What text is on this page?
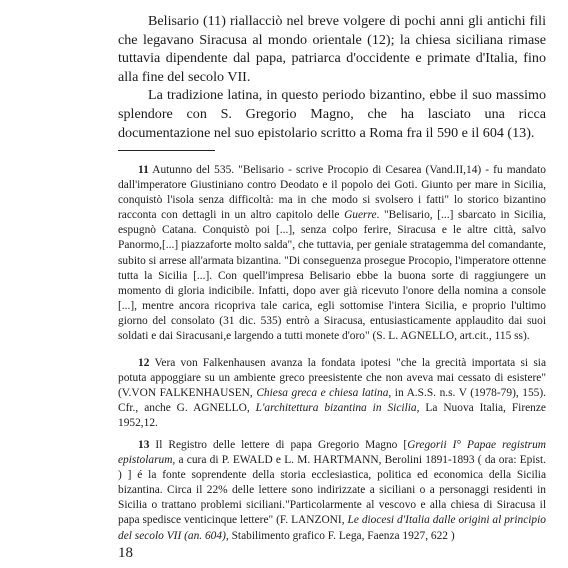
Belisario (11) riallacciò nel breve volgere di pochi anni gli antichi fili che legavano Siracusa al mondo orientale (12); la chiesa siciliana rimase tuttavia dipendente dal papa, patriarca d'occidente e primate d'Italia, fino alla fine del secolo VII.

La tradizione latina, in questo periodo bizantino, ebbe il suo massimo splendore con S. Gregorio Magno, che ha lasciato una ricca documentazione nel suo epistolario scritto a Roma fra il 590 e il 604 (13).

11 Autunno del 535. "Belisario - scrive Procopio di Cesarea (Vand.II,14) - fu mandato dall'imperatore Giustiniano contro Deodato e il popolo dei Goti. Giunto per mare in Sicilia, conquistò l'isola senza difficoltà: ma in che modo si svolsero i fatti" lo storico bizantino racconta con dettagli in un altro capitolo delle Guerre. "Belisario, [...] sbarcato in Sicilia, espugnò Catana. Conquistò poi [...], senza colpo ferire, Siracusa e le altre città, salvo Panormo,[...] piazzaforte molto salda", che tuttavia, per geniale stratagemma del comandante, subito si arrese all'armata bizantina. "Di conseguenza prosegue Procopio, l'imperatore ottenne tutta la Sicilia [...]. Con quell'impresa Belisario ebbe la buona sorte di raggiungere un momento di gloria indicibile. Infatti, dopo aver già ricevuto l'onore della nomina a console [...], mentre ancora ricopriva tale carica, egli sottomise l'intera Sicilia, e proprio l'ultimo giorno del consolato (31 dic. 535) entrò a Siracusa, entusiasticamente applaudito dai suoi soldati e dai Siracusani,e largendo a tutti monete d'oro" (S. L. AGNELLO, art.cit., 115 ss).

12 Vera von Falkenhausen avanza la fondata ipotesi "che la grecità importata si sia potuta appoggiare su un ambiente greco preesistente che non aveva mai cessato di esistere" (V.VON FALKENHAUSEN, Chiesa greca e chiesa latina, in A.S.S. n.s. V (1978-79), 155). Cfr., anche G. AGNELLO, L'architettura bizantina in Sicilia, La Nuova Italia, Firenze 1952,12.

13 Il Registro delle lettere di papa Gregorio Magno [Gregorii I° Papae registrum epistolarum, a cura di P. EWALD e L. M. HARTMANN, Berolini 1891-1893 ( da ora: Epist. ) ] é la fonte soprendente della storia ecclesiastica, politica ed economica della Sicilia bizantina. Circa il 22% delle lettere sono indirizzate a siciliani o a personaggi residenti in Sicilia o trattano problemi siciliani."Particolarmente al vescovo e alla chiesa di Siracusa il papa spedisce venticinque lettere" (F. LANZONI, Le diocesi d'Italia dalle origini al principio del secolo VII (an. 604), Stabilimento grafico F. Lega, Faenza 1927, 622 )

18
